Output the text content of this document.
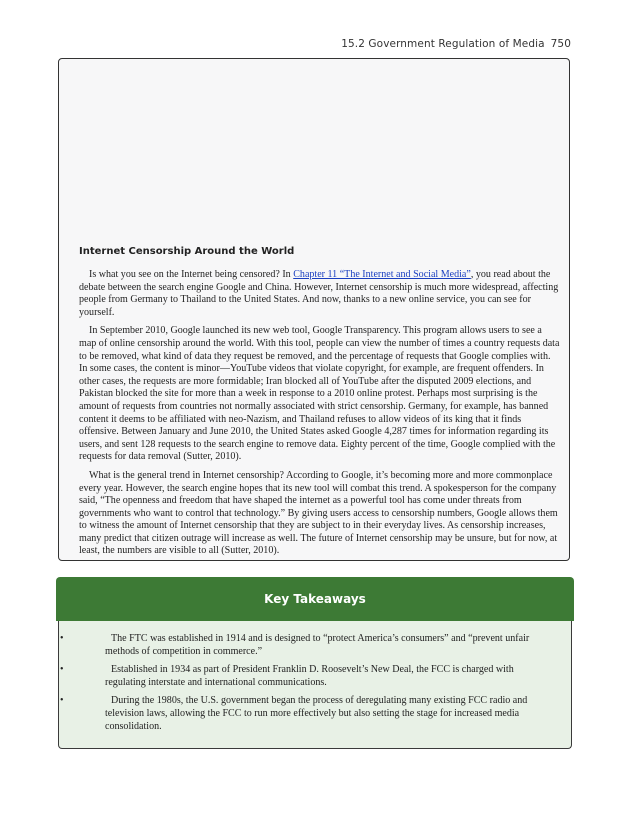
15.2 Government Regulation of Media 750
Internet Censorship Around the World

Is what you see on the Internet being censored? In Chapter 11 “The Internet and Social Media”, you read about the debate between the search engine Google and China. However, Internet censorship is much more widespread, affecting people from Germany to Thailand to the United States. And now, thanks to a new online service, you can see for yourself.

In September 2010, Google launched its new web tool, Google Transparency. This program allows users to see a map of online censorship around the world. With this tool, people can view the number of times a country requests data to be removed, what kind of data they request be removed, and the percentage of requests that Google complies with. In some cases, the content is minor—YouTube videos that violate copyright, for example, are frequent offenders. In other cases, the requests are more formidable; Iran blocked all of YouTube after the disputed 2009 elections, and Pakistan blocked the site for more than a week in response to a 2010 online protest. Perhaps most surprising is the amount of requests from countries not normally associated with strict censorship. Germany, for example, has banned content it deems to be affiliated with neo-Nazism, and Thailand refuses to allow videos of its king that it finds offensive. Between January and June 2010, the United States asked Google 4,287 times for information regarding its users, and sent 128 requests to the search engine to remove data. Eighty percent of the time, Google complied with the requests for data removal (Sutter, 2010).

What is the general trend in Internet censorship? According to Google, it’s becoming more and more commonplace every year. However, the search engine hopes that its new tool will combat this trend. A spokesperson for the company said, “The openness and freedom that have shaped the internet as a powerful tool has come under threats from governments who want to control that technology.” By giving users access to censorship numbers, Google allows them to witness the amount of Internet censorship that they are subject to in their everyday lives. As censorship increases, many predict that citizen outrage will increase as well. The future of Internet censorship may be unsure, but for now, at least, the numbers are visible to all (Sutter, 2010).

Key Takeaways
•	The FTC was established in 1914 and is designed to “protect America’s consumers” and “prevent unfair methods of competition in commerce.”
•	Established in 1934 as part of President Franklin D. Roosevelt’s New Deal, the FCC is charged with regulating interstate and international communications.
•	During the 1980s, the U.S. government began the process of deregulating many existing FCC radio and television laws, allowing the FCC to run more effectively but also setting the stage for increased media consolidation.
